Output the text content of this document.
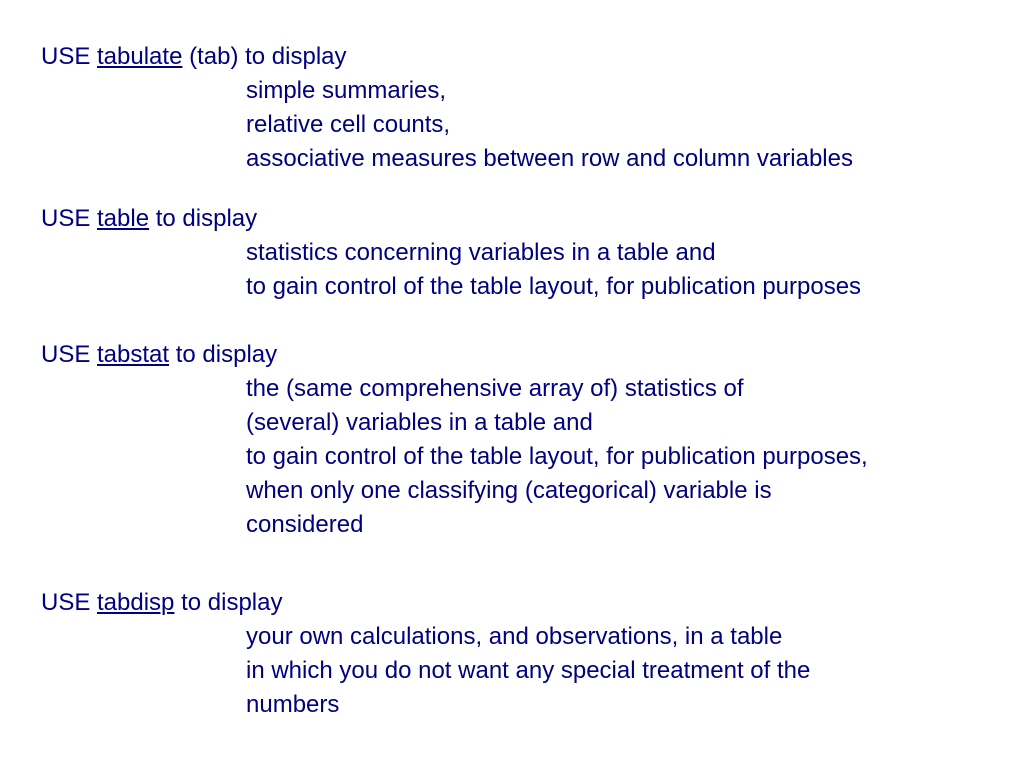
USE tabulate (tab) to display
simple summaries,
relative cell counts,
associative measures between row and column variables
USE table to display
statistics concerning variables in a table and
to gain control of the table layout, for publication purposes
USE tabstat to display
the (same comprehensive array of) statistics of
(several) variables in a table and
to gain control of the table layout, for publication purposes,
when only one classifying (categorical) variable is
considered
USE tabdisp to display
your own calculations, and observations, in a table
in which you do not want any special treatment of the
numbers
